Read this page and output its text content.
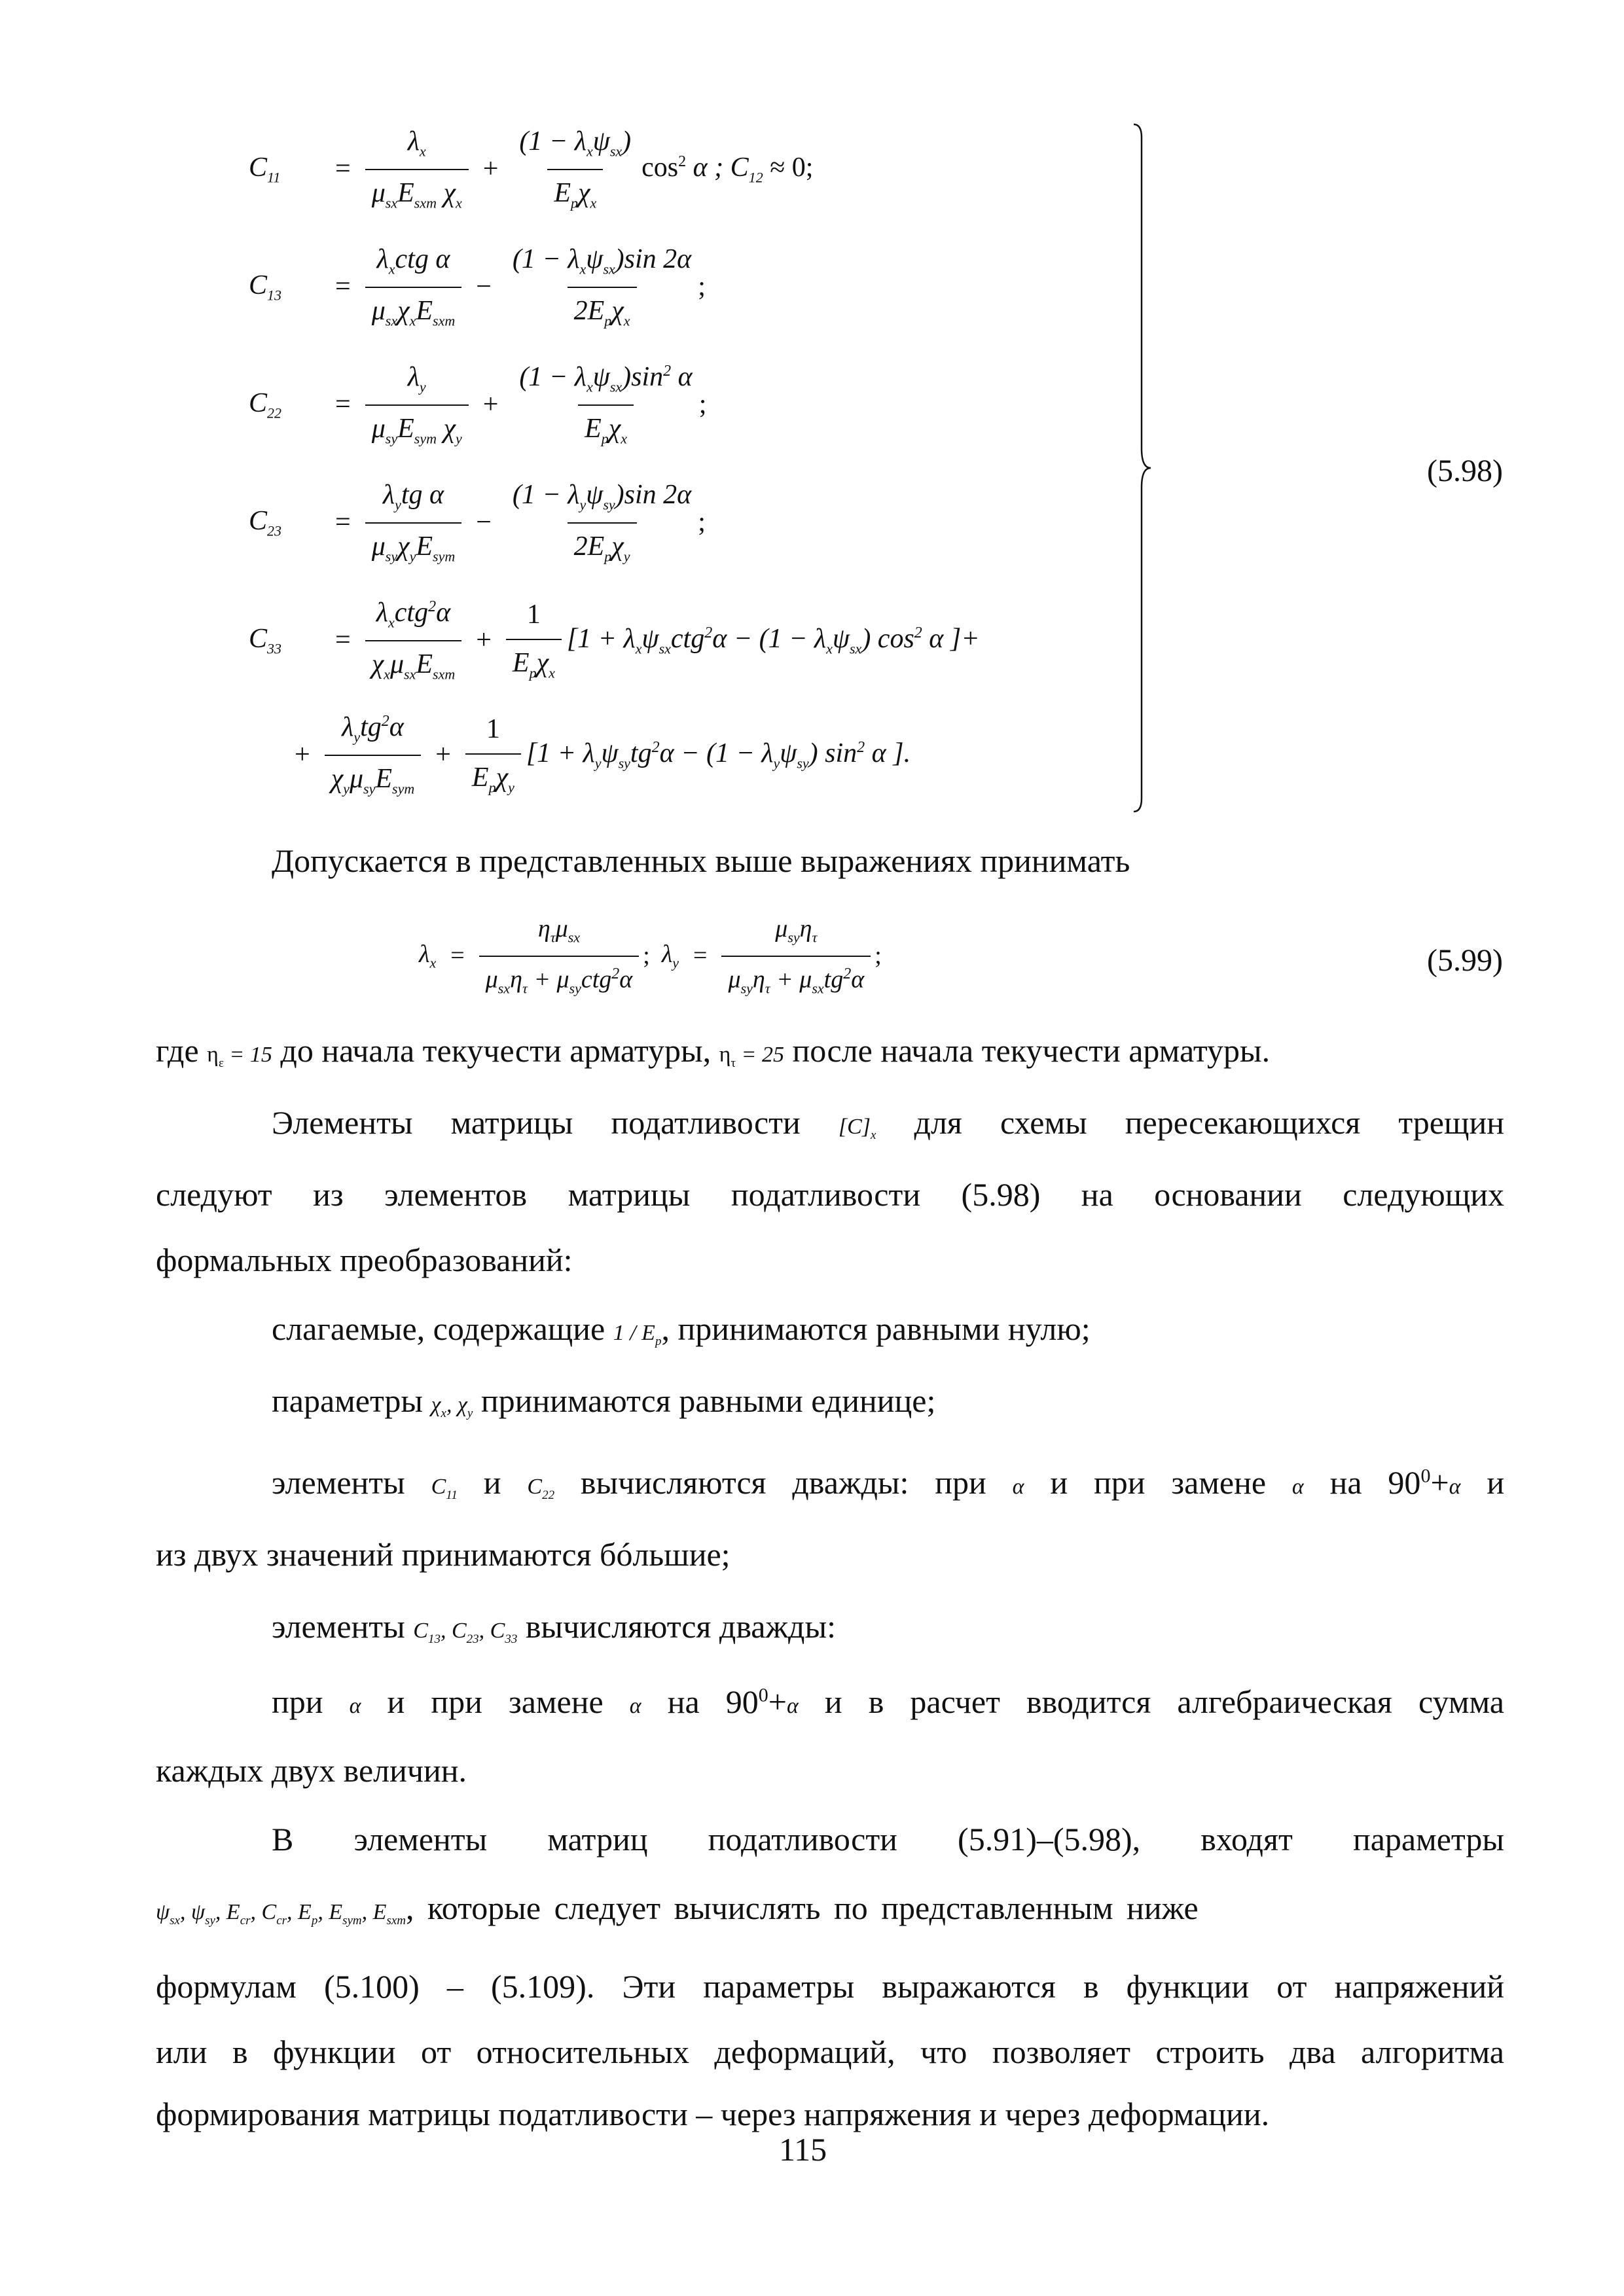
$C_{11}$	= $\frac{\lambda_x}{\mu_{sx}E_{sxm} \chi_x} + \frac{(1 - \lambda_x\psi_{sx})}{E_p\chi_x} \cos^2 \alpha$ ; $C_{12} \approx 0$;
$C_{13}$	= $\frac{\lambda_xctg \alpha}{\mu_{sx}\chi_xE_{sxm}} - \frac{(1 - \lambda_x\psi_{sx})\sin 2\alpha}{2E_p\chi_x}$ ;
$C_{22}$	= $\frac{\lambda_y}{\mu_{sy}E_{sym} \chi_y} + \frac{(1 - \lambda_x\psi_{sx})\sin^2 \alpha}{E_p\chi_x}$ ;
$C_{23}$	= $\frac{\lambda_ytg \alpha}{\mu_{sy}\chi_yE_{sym}} - \frac{(1 - \lambda_y\psi_{sy})\sin 2\alpha}{2E_p\chi_y}$ ;
$C_{33}$	= $\frac{\lambda_xctg^2\alpha}{\chi_x\mu_{sx}E_{sxm}} + \frac{1}{E_p\chi_x} [1 + \lambda_x\psi_{sx}ctg^2\alpha - (1 - \lambda_x\psi_{sx})$ $\cos^2 \alpha$ ]+
+ $\frac{\lambda_ytg^2\alpha}{\chi_y\mu_{sy}E_{sym}} + \frac{1}{E_p\chi_y} [1 + \lambda_y\psi_{sy}tg^2\alpha - (1 - \lambda_y\psi_{sy})$ $\sin^2 \alpha$ ].
(5.98)
Допускается в представленных выше выражениях принимать
$\lambda_x = \frac{\eta_\tau\mu_{sx}}{\mu_{sx}\eta_\tau + \mu_{sy}ctg^2\alpha}$ ; $\lambda_y = \frac{\mu_{sy}\eta_\tau}{\mu_{sy}\eta_\tau + \mu_{sx}tg^2\alpha}$ ;	(5.99)
где $\eta_\varepsilon = 15$ до начала текучести арматуры, $\eta_\tau = 25$ после начала текучести арматуры.
Элементы матрицы податливости $[C]_x$ для схемы пересекающихся трещин
следуют из элементов матрицы податливости (5.98) на основании следующих
формальных преобразований:
слагаемые, содержащие $1 / E_p$, принимаются равными нулю;
параметры $\chi_x$, $\chi_y$ принимаются равными единице;
элементы $C_{11}$ и $C_{22}$ вычисляются дважды: при α и при замене α на $90^0+\alpha$ и
из двух значений принимаются бóльшие;
элементы $C_{13}$, $C_{23}$, $C_{33}$ вычисляются дважды:
при α и при замене α на $90^0+\alpha$ и в расчет вводится алгебраическая сумма
каждых двух величин.
В элементы матриц податливости (5.91)–(5.98), входят параметры
$\psi_{sx}$, $\psi_{sy}$, $E_{cr}$, $C_{cr}$, $E_p$, $E_{sym}$, $E_{sxm}$, которые следует вычислять по представленным ниже
формулам (5.100) – (5.109). Эти параметры выражаются в функции от напряжений
или в функции от относительных деформаций, что позволяет строить два алгоритма
формирования матрицы податливости – через напряжения и через деформации.
115
